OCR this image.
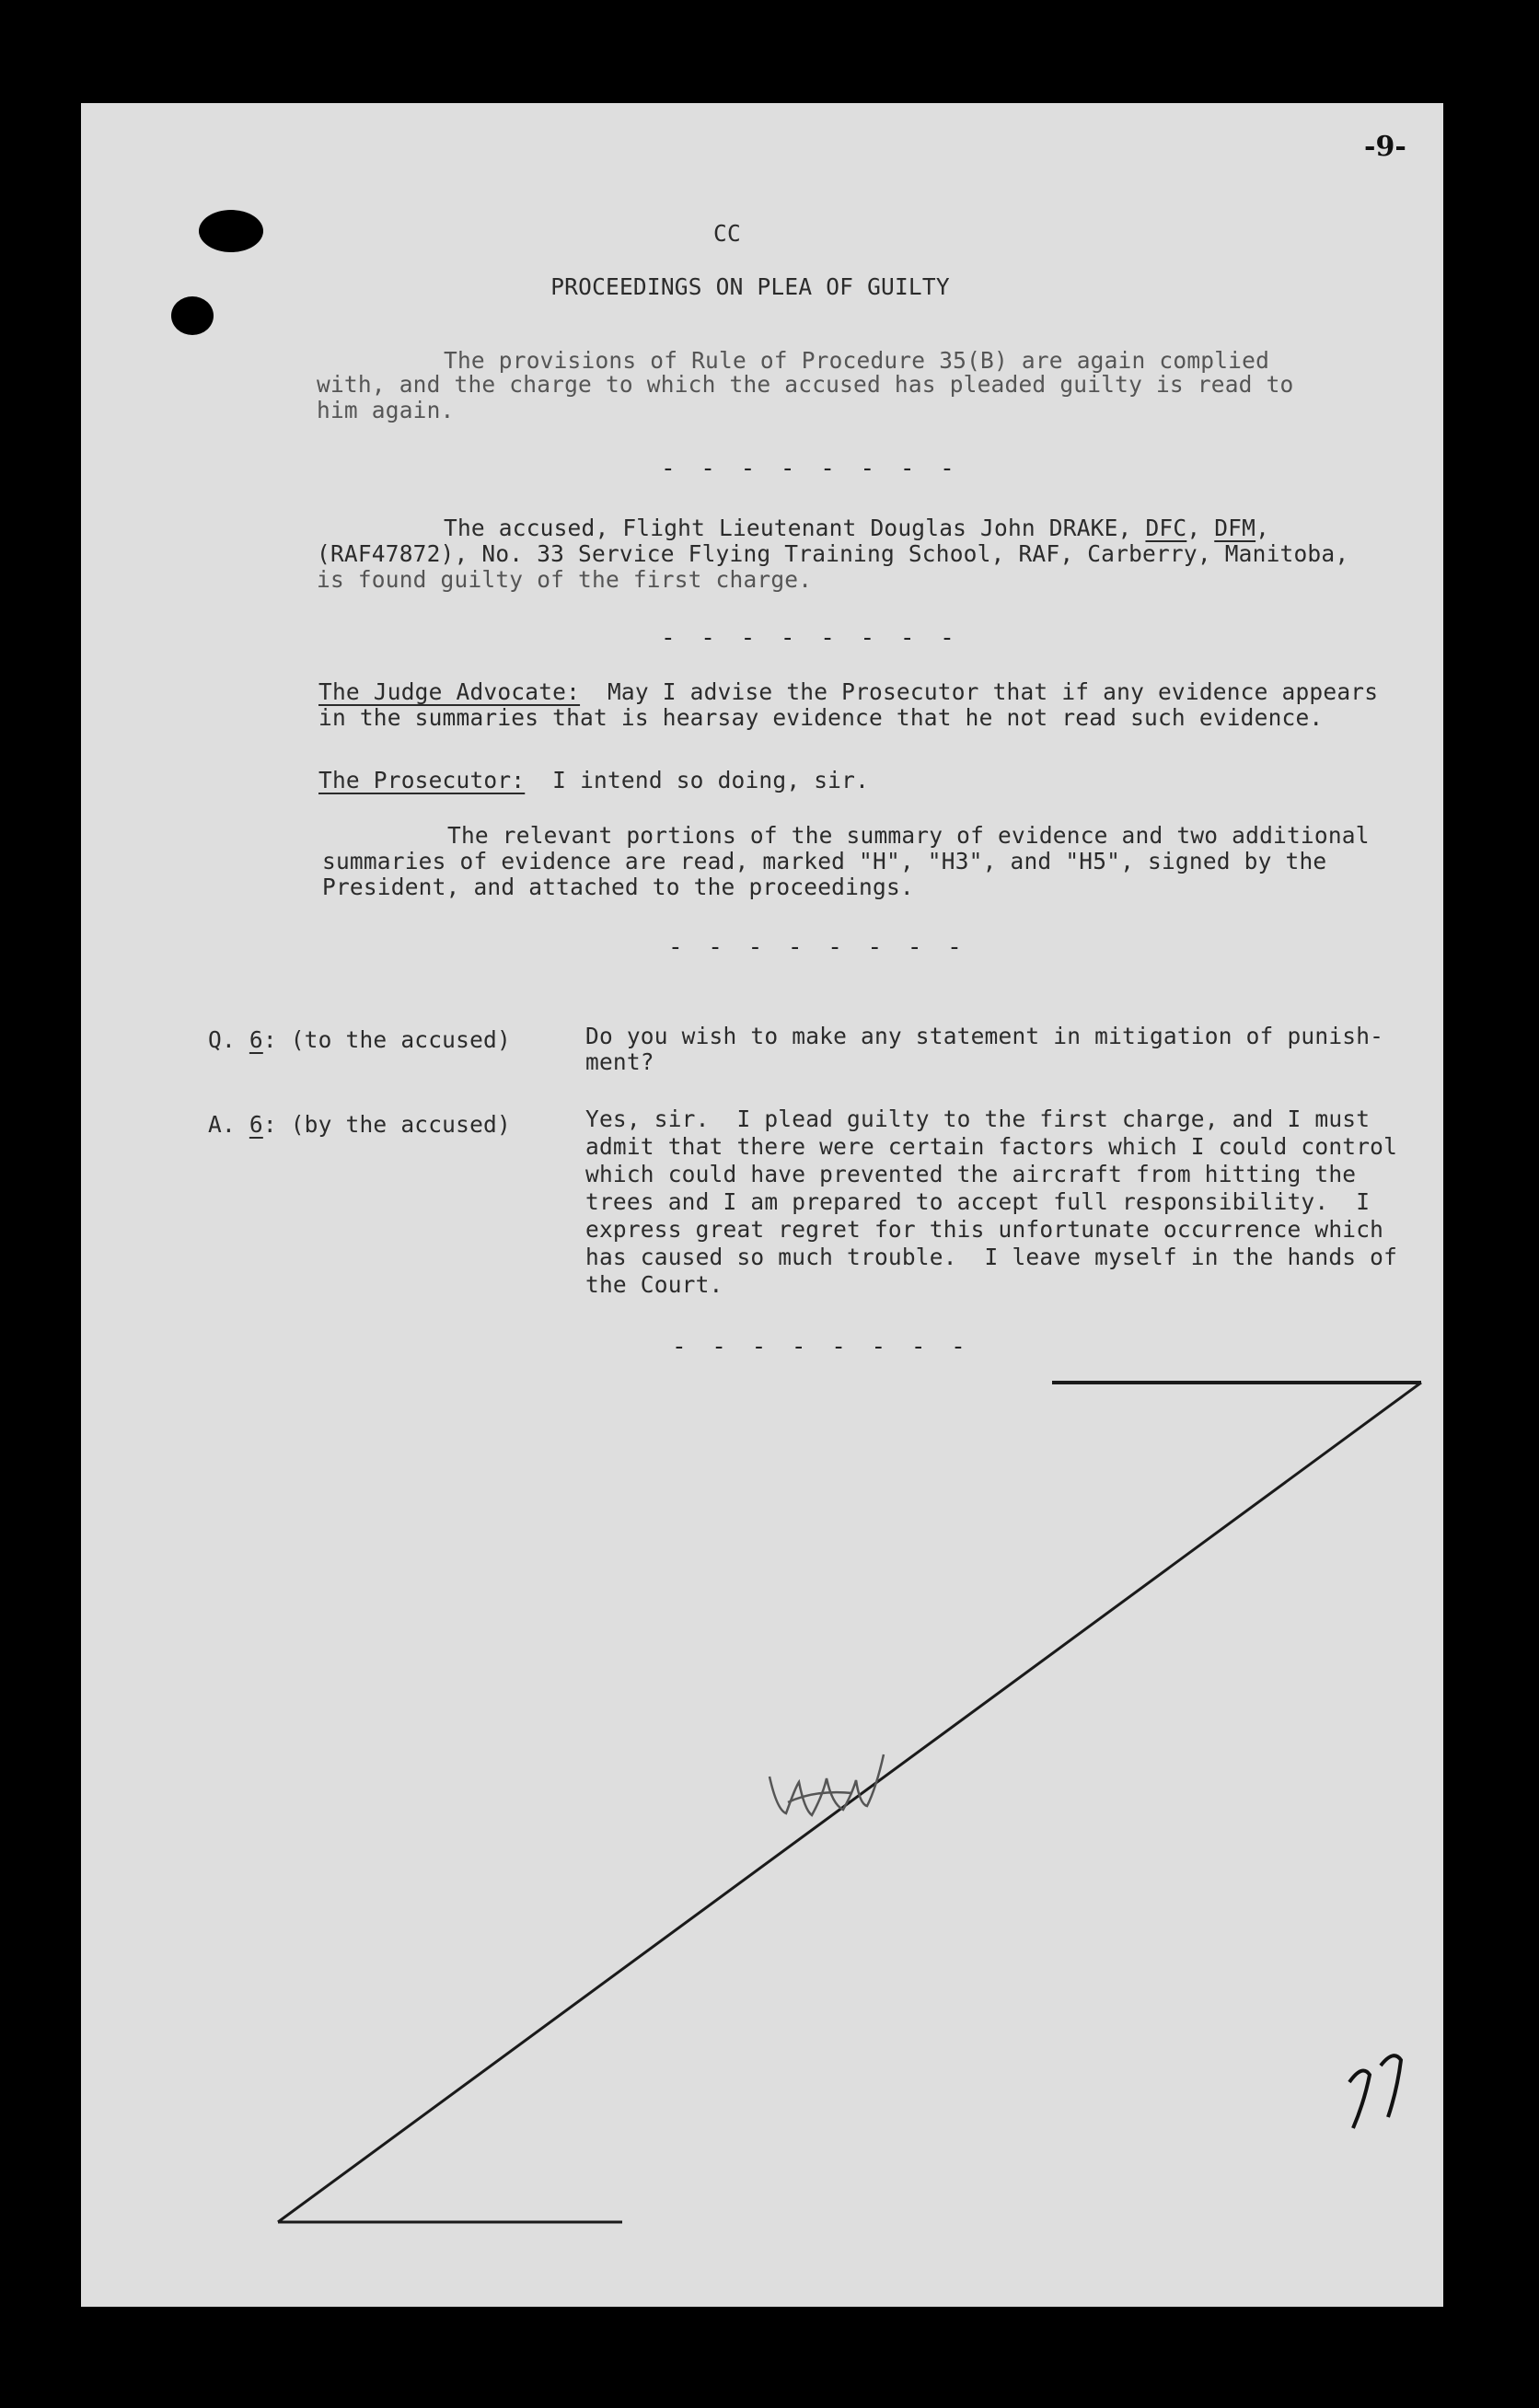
-9-
CC
PROCEEDINGS ON PLEA OF GUILTY
The provisions of Rule of Procedure 35(B) are again complied
with, and the charge to which the accused has pleaded guilty is read to
him again.
- - - - - - - -
The accused, Flight Lieutenant Douglas John DRAKE, DFC, DFM,
(RAF47872), No. 33 Service Flying Training School, RAF, Carberry, Manitoba,
is found guilty of the first charge.
- - - - - - - -
The Judge Advocate:  May I advise the Prosecutor that if any evidence appears
in the summaries that is hearsay evidence that he not read such evidence.
The Prosecutor:  I intend so doing, sir.
The relevant portions of the summary of evidence and two additional
summaries of evidence are read, marked "H", "H3", and "H5", signed by the
President, and attached to the proceedings.
- - - - - - - -
Q. 6: (to the accused)	Do you wish to make any statement in mitigation of punish-
ment?
A. 6: (by the accused)	Yes, sir.  I plead guilty to the first charge, and I must
admit that there were certain factors which I could control
which could have prevented the aircraft from hitting the
trees and I am prepared to accept full responsibility.  I
express great regret for this unfortunate occurrence which
has caused so much trouble.  I leave myself in the hands of
the Court.
- - - - - - - -
